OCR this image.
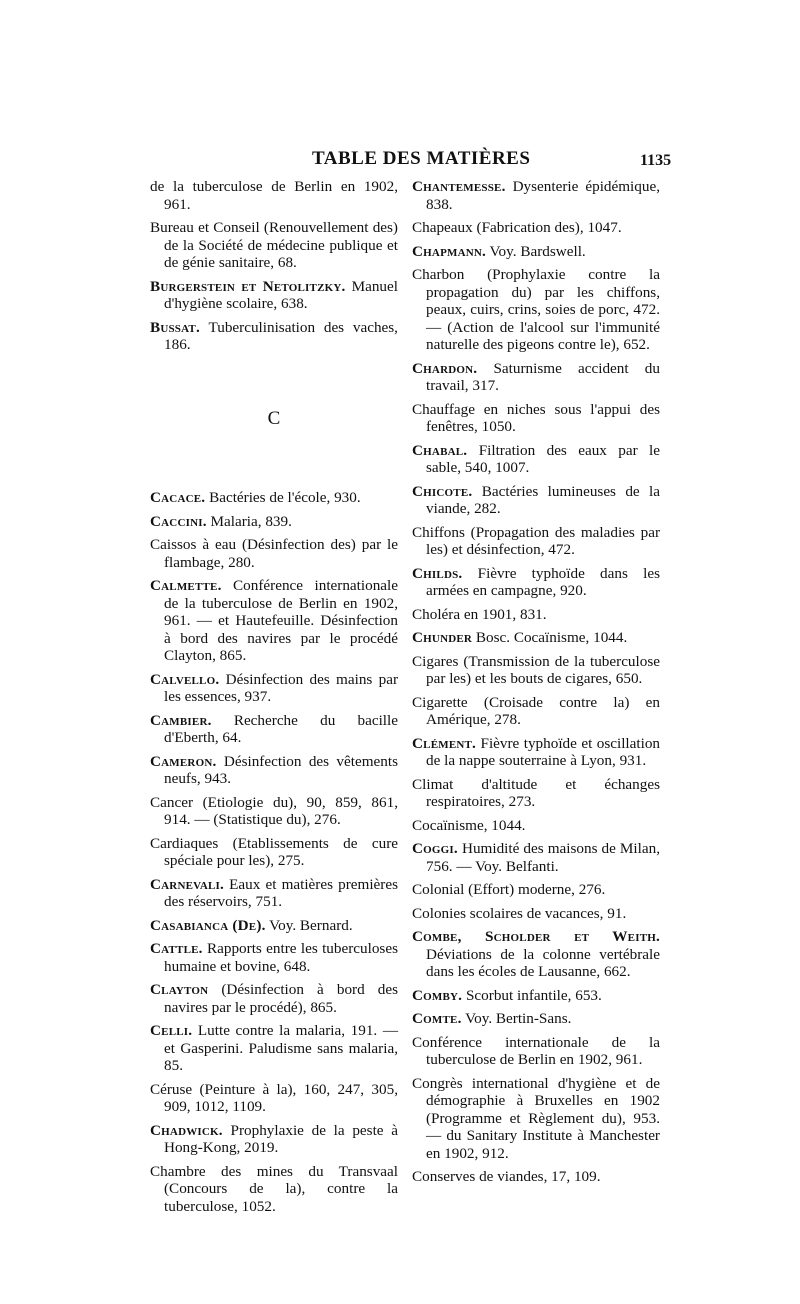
TABLE DES MATIÈRES	1135

de la tuberculose de Berlin en 1902, 961.

Bureau et Conseil (Renouvellement des) de la Société de médecine publique et de génie sanitaire, 68.

Burgerstein et Netolitzky. Manuel d'hygiène scolaire, 638.

Bussat. Tuberculinisation des vaches, 186.

C

Cacace. Bactéries de l'école, 930.

Caccini. Malaria, 839.

Caissos à eau (Désinfection des) par le flambage, 280.

Calmette. Conférence internationale de la tuberculose de Berlin en 1902, 961. — et Hautefeuille. Désinfection à bord des navires par le procédé Clayton, 865.

Calvello. Désinfection des mains par les essences, 937.

Cambier. Recherche du bacille d'Eberth, 64.

Cameron. Désinfection des vêtements neufs, 943.

Cancer (Etiologie du), 90, 859, 861, 914. — (Statistique du), 276.

Cardiaques (Etablissements de cure spéciale pour les), 275.

Carnevali. Eaux et matières premières des réservoirs, 751.

Casabianca (De). Voy. Bernard.

Cattle. Rapports entre les tuberculoses humaine et bovine, 648.

Clayton (Désinfection à bord des navires par le procédé), 865.

Celli. Lutte contre la malaria, 191. — et Gasperini. Paludisme sans malaria, 85.

Céruse (Peinture à la), 160, 247, 305, 909, 1012, 1109.

Chadwick. Prophylaxie de la peste à Hong-Kong, 2019.

Chambre des mines du Transvaal (Concours de la), contre la tuberculose, 1052.

Chantemesse. Dysenterie épidémique, 838.

Chapeaux (Fabrication des), 1047.

Chapmann. Voy. Bardswell.

Charbon (Prophylaxie contre la propagation du) par les chiffons, peaux, cuirs, crins, soies de porc, 472. — (Action de l'alcool sur l'immunité naturelle des pigeons contre le), 652.

Chardon. Saturnisme accident du travail, 317.

Chauffage en niches sous l'appui des fenêtres, 1050.

Chabal. Filtration des eaux par le sable, 540, 1007.

Chicote. Bactéries lumineuses de la viande, 282.

Chiffons (Propagation des maladies par les) et désinfection, 472.

Childs. Fièvre typhoïde dans les armées en campagne, 920.

Choléra en 1901, 831.

Chunder Bosc. Cocaïnisme, 1044.

Cigares (Transmission de la tuberculose par les) et les bouts de cigares, 650.

Cigarette (Croisade contre la) en Amérique, 278.

Clément. Fièvre typhoïde et oscillation de la nappe souterraine à Lyon, 931.

Climat d'altitude et échanges respiratoires, 273.

Cocaïnisme, 1044.

Coggi. Humidité des maisons de Milan, 756. — Voy. Belfanti.

Colonial (Effort) moderne, 276.

Colonies scolaires de vacances, 91.

Combe, Scholder et Weith. Déviations de la colonne vertébrale dans les écoles de Lausanne, 662.

Comby. Scorbut infantile, 653.

Comte. Voy. Bertin-Sans.

Conférence internationale de la tuberculose de Berlin en 1902, 961.

Congrès international d'hygiène et de démographie à Bruxelles en 1902 (Programme et Règlement du), 953. — du Sanitary Institute à Manchester en 1902, 912.

Conserves de viandes, 17, 109.
